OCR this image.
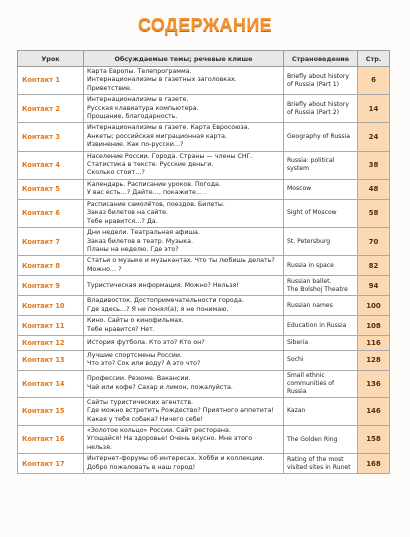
СОДЕРЖАНИЕ
Урок	Обсуждаемые темы; речевые клише	Страноведение	Стр.
Контакт 1	Карта Европы. Телепрограмма.
Интернационализмы в газетных заголовках.
Приветствие.	Briefly about history
of Russia (Part 1)	6
Контакт 2	Интернационализмы в газете.
Русская клавиатура компьютера.
Прощание, благодарность.	Briefly about history
of Russia (Part 2)	14
Контакт 3	Интернационализмы в газете. Карта Евросоюза.
Анкеты; российская миграционная карта.
Извинение. Как по-русски…?	Geography of Russia	24
Контакт 4	Население России. Города. Страны — члены СНГ.
Статистика в тексте. Русские деньги.
Сколько стоит…?	Russia: political
system	38
Контакт 5	Календарь. Расписание уроков. Погода.
У вас есть…? Дайте…, покажите… .	Moscow	48
Контакт 6	Расписание самолётов, поездов. Билеты.
Заказ билетов на сайте.
Тебе нравится…? Да.	Sight of Moscow	58
Контакт 7	Дни недели. Театральная афиша.
Заказ билетов в театр. Музыка.
Планы на неделю. Где это?	St. Petersburg	70
Контакт 8	Статьи о музыке и музыкантах. Что ты любишь делать?
Можно… ?	Russia in space	82
Контакт 9	Туристическая информация. Можно? Нельзя!	Russian ballet.
The Bolshoj Theatre	94
Контакт 10	Владивосток. Достопримечательности города.
Где здесь…? Я не понял(а), я не понимаю.	Russian names	100
Контакт 11	Кино. Сайты о кинофильмах.
Тебе нравится? Нет.	Education in Russia	108
Контакт 12	История футбола. Кто это? Кто он?	Siberia	116
Контакт 13	Лучшие спортсмены России.
Что это? Сок или воду? А это что?	Sochi	128
Контакт 14	Профессии. Резюме. Вакансии.
Чай или кофе? Сахар и лимон, пожалуйста.	Small ethnic
communities of Russia	136
Контакт 15	Сайты туристических агентств.
Где можно встретить Рождество? Приятного аппетита!
Какая у тебя собака? Ничего себе!	Kazan	146
Контакт 16	«Золотое кольцо» России. Сайт ресторана.
Угощайся! На здоровье! Очень вкусно. Мне этого
нельзя.	The Golden Ring	158
Контакт 17	Интернет-форумы об интересах. Хобби и коллекции.
Добро пожаловать в наш город!	Rating of the most
visited sites in Runet	168
